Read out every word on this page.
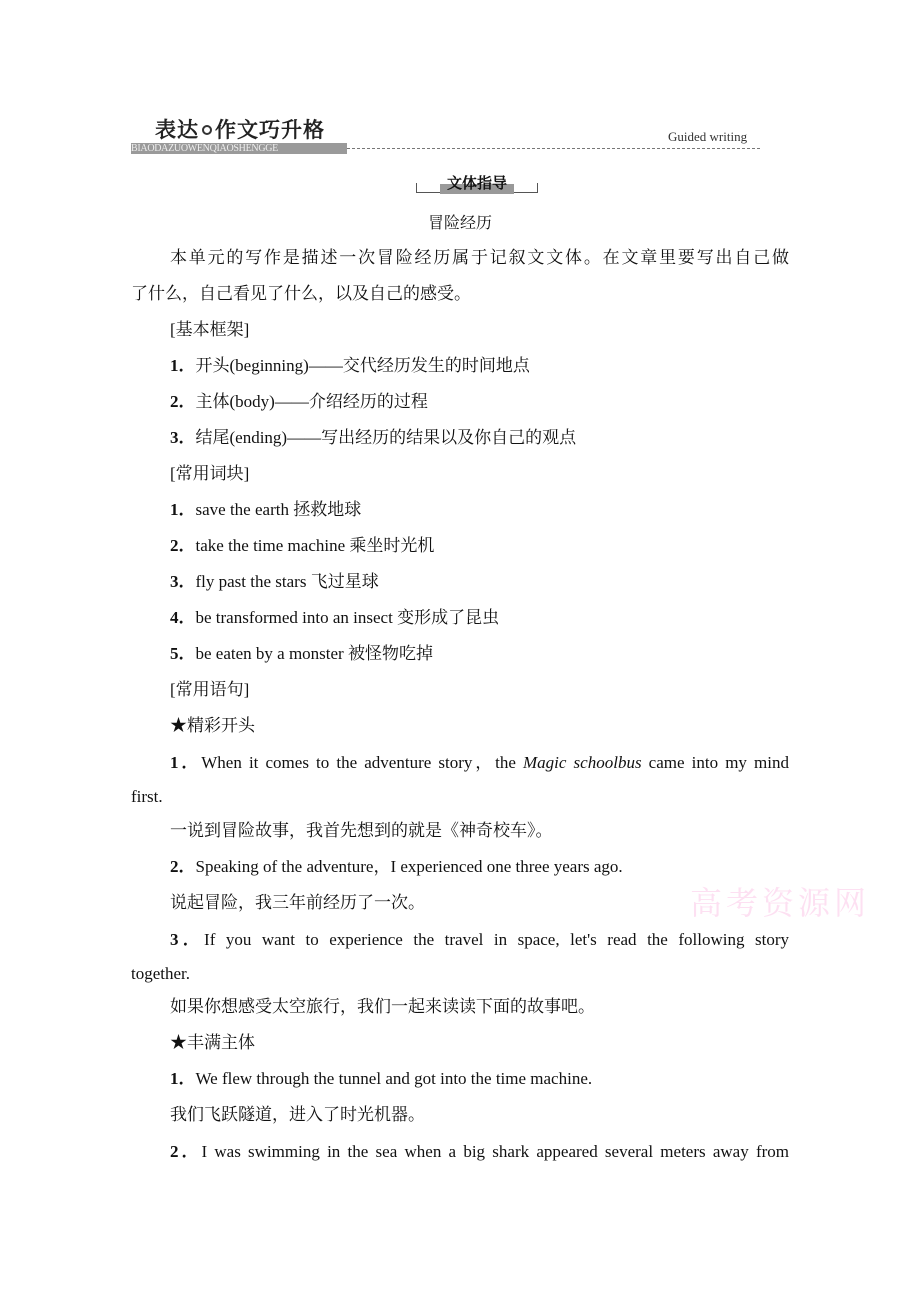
表达 作文巧升格
BIAODAZUOWENQIAOSHENGGE
Guided writing
文体指导
冒险经历
本单元的写作是描述一次冒险经历属于记叙文文体。在文章里要写出自己做
了什么，自己看见了什么，以及自己的感受。
[基本框架]
1．开头(beginning)——交代经历发生的时间地点
2．主体(body)——介绍经历的过程
3．结尾(ending)——写出经历的结果以及你自己的观点
[常用词块]
1．save the earth 拯救地球
2．take the time machine 乘坐时光机
3．fly past the stars 飞过星球
4．be transformed into an insect 变形成了昆虫
5．be eaten by a monster 被怪物吃掉
[常用语句]
★精彩开头
1．When it comes to the adventure story，the Magic schoolbus came into my mind
first.
一说到冒险故事，我首先想到的就是《神奇校车》。
2．Speaking of the adventure，I experienced one three years ago.
说起冒险，我三年前经历了一次。
3．If you want to experience the travel in space, let's read the following story
together.
如果你想感受太空旅行，我们一起来读读下面的故事吧。
★丰满主体
1．We flew through the tunnel and got into the time machine.
我们飞跃隧道，进入了时光机器。
2．I was swimming in the sea when a big shark appeared several meters away from
高考资源网
